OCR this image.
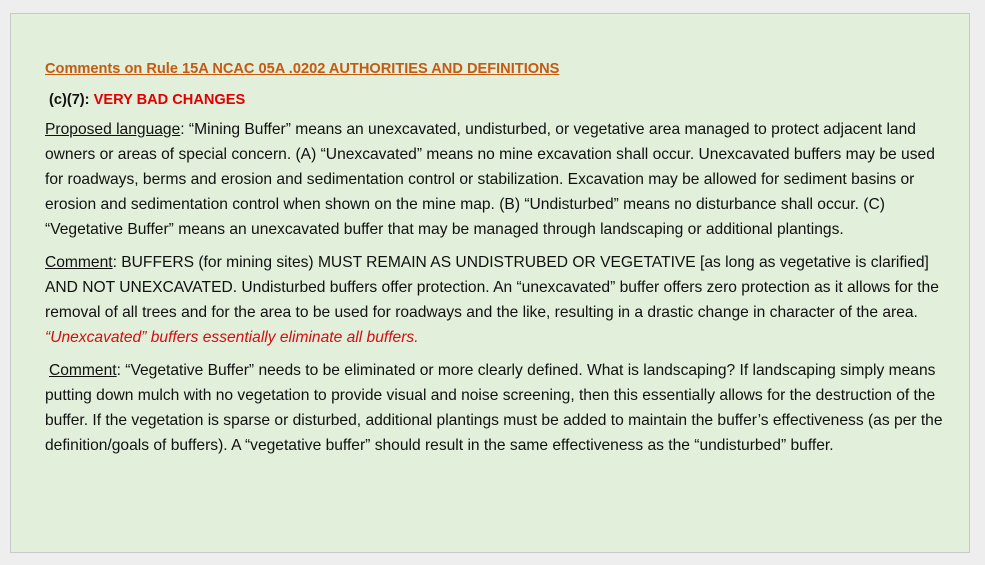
Comments on Rule 15A NCAC 05A .0202 AUTHORITIES AND DEFINITIONS

(c)(7): VERY BAD CHANGES

Proposed language: “Mining Buffer” means an unexcavated, undisturbed, or vegetative area managed to protect adjacent land owners or areas of special concern. (A) “Unexcavated” means no mine excavation shall occur. Unexcavated buffers may be used for roadways, berms and erosion and sedimentation control or stabilization. Excavation may be allowed for sediment basins or erosion and sedimentation control when shown on the mine map. (B) “Undisturbed” means no disturbance shall occur. (C) “Vegetative Buffer” means an unexcavated buffer that may be managed through landscaping or additional plantings.

Comment: BUFFERS (for mining sites) MUST REMAIN AS UNDISTRUBED OR VEGETATIVE [as long as vegetative is clarified] AND NOT UNEXCAVATED. Undisturbed buffers offer protection. An “unexcavated” buffer offers zero protection as it allows for the removal of all trees and for the area to be used for roadways and the like, resulting in a drastic change in character of the area. “Unexcavated” buffers essentially eliminate all buffers.

Comment: “Vegetative Buffer” needs to be eliminated or more clearly defined. What is landscaping? If landscaping simply means putting down mulch with no vegetation to provide visual and noise screening, then this essentially allows for the destruction of the buffer. If the vegetation is sparse or disturbed, additional plantings must be added to maintain the buffer’s effectiveness (as per the definition/goals of buffers). A “vegetative buffer” should result in the same effectiveness as the “undisturbed” buffer.
